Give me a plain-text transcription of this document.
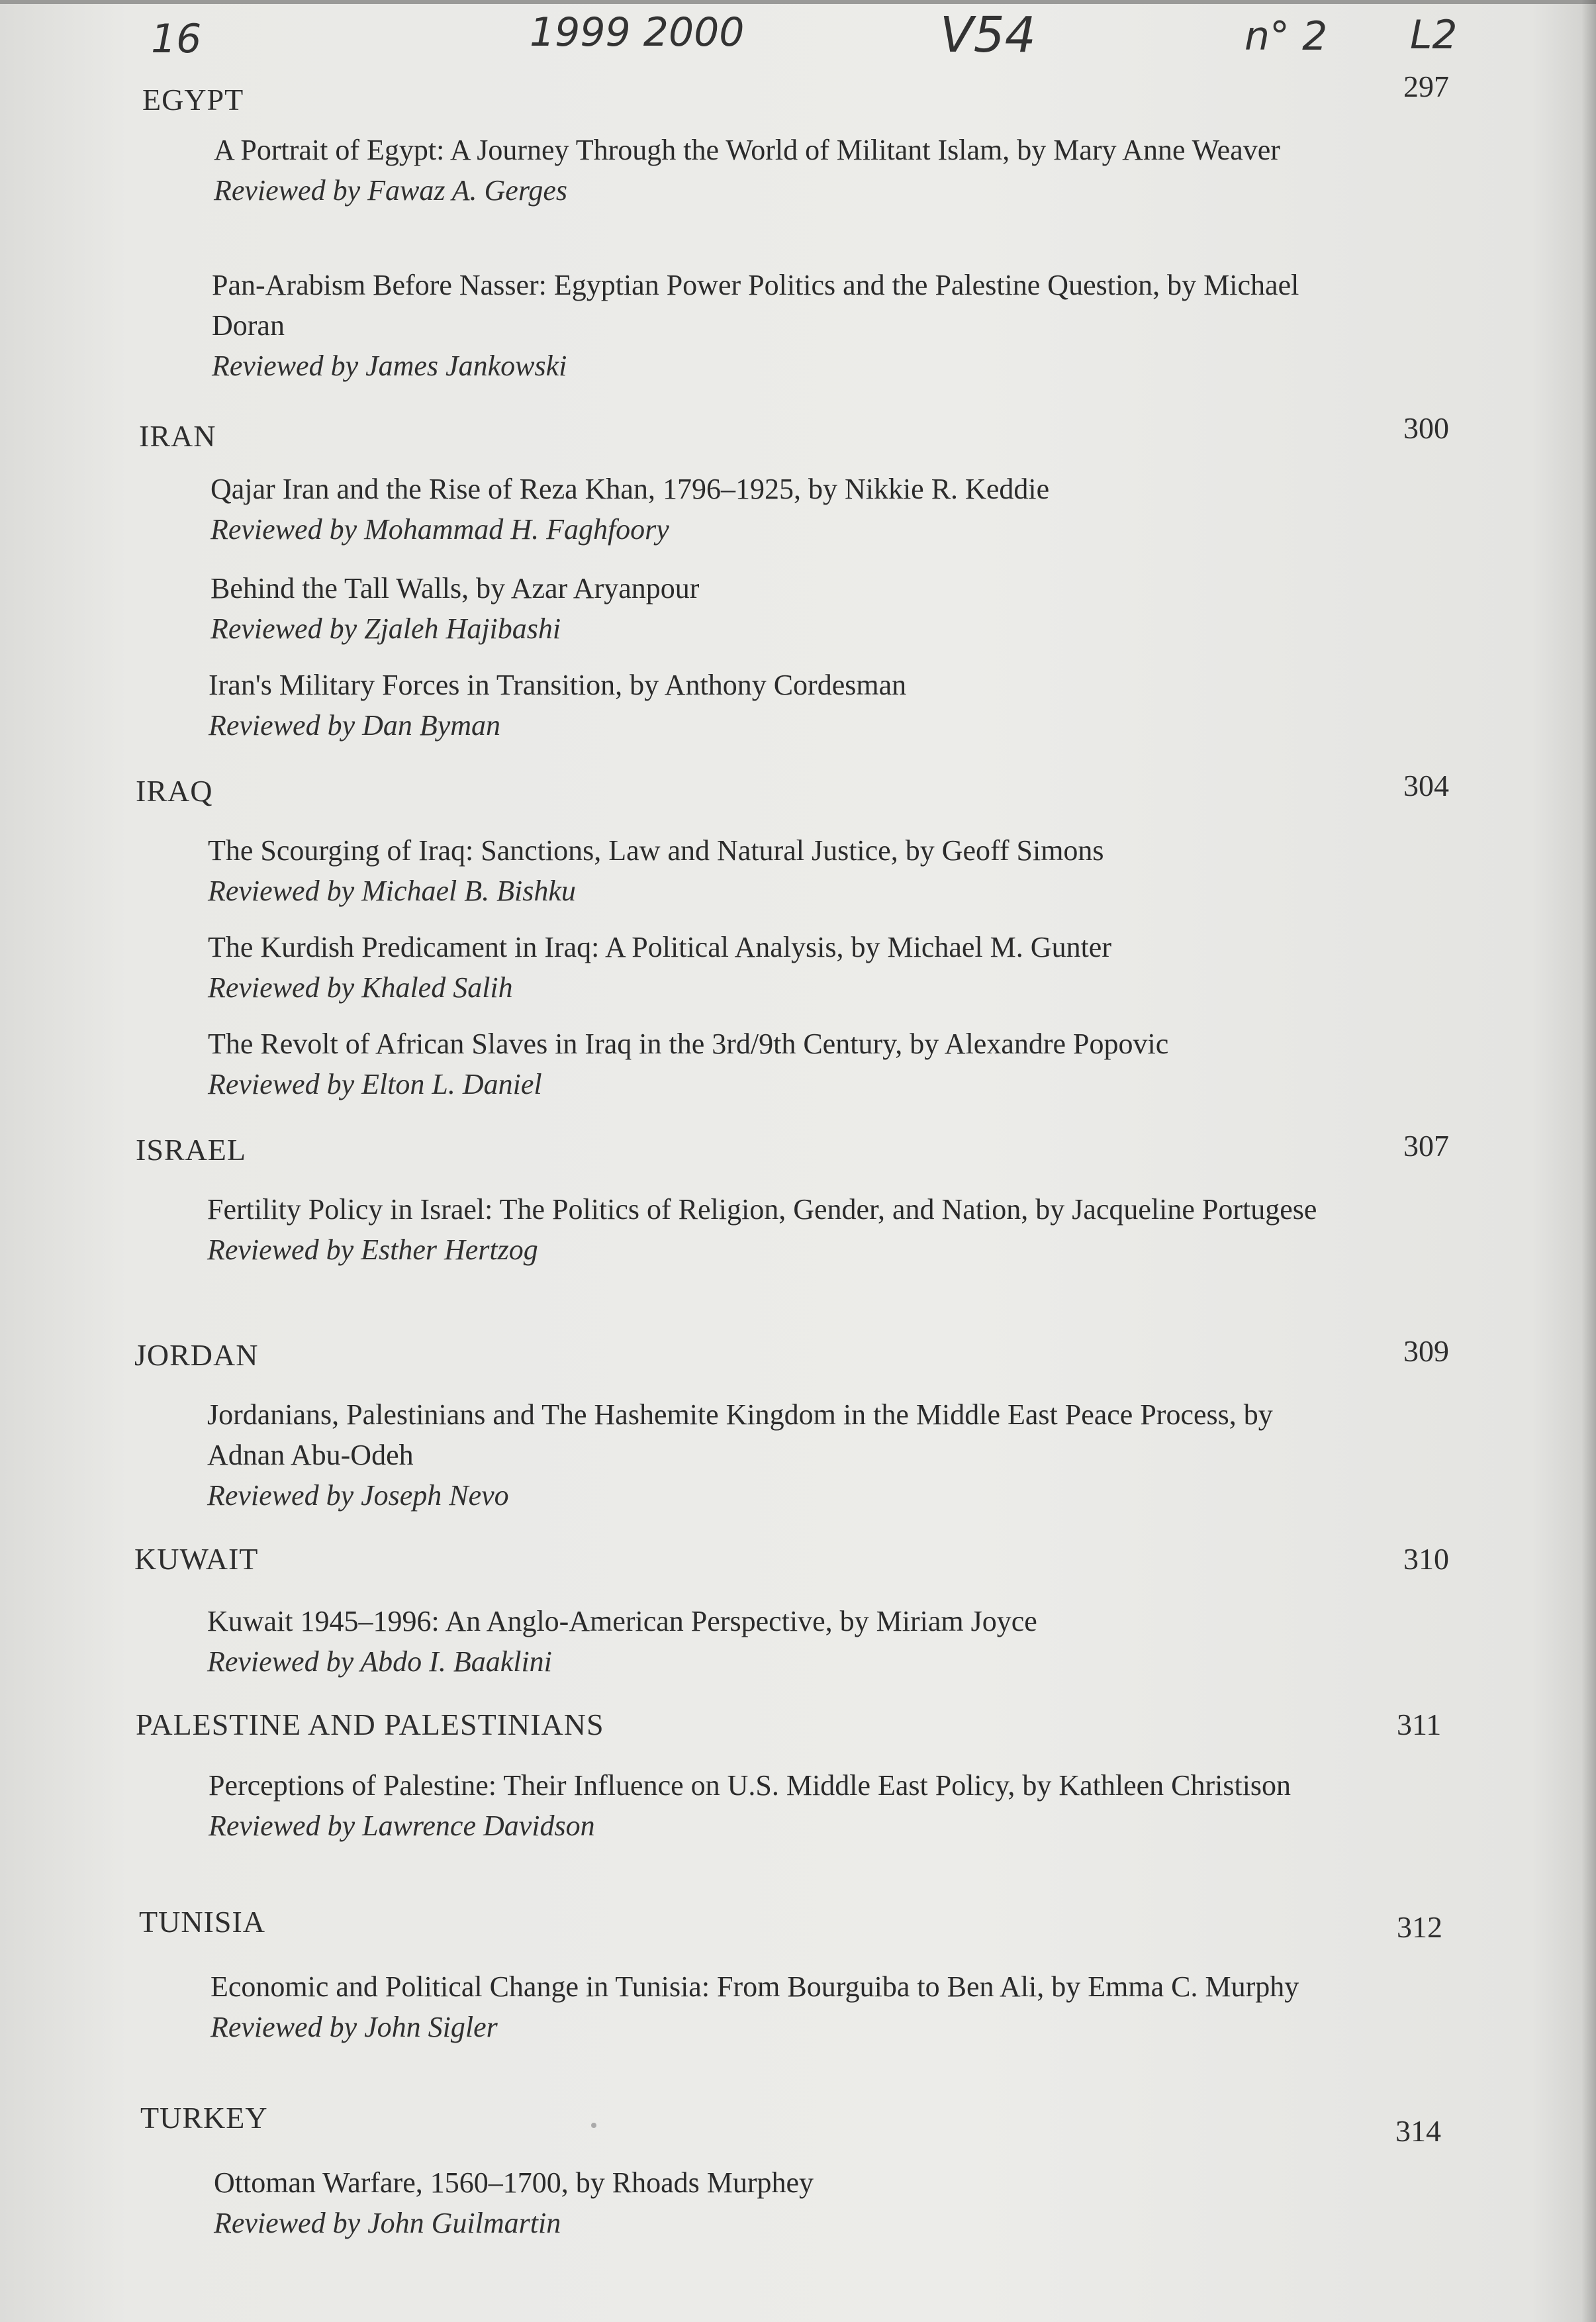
16	1999 2000	V54	n° 2 L2
EGYPT	297
A Portrait of Egypt: A Journey Through the World of Militant Islam, by Mary Anne Weaver
Reviewed by Fawaz A. Gerges
Pan-Arabism Before Nasser: Egyptian Power Politics and the Palestine Question, by Michael Doran
Reviewed by James Jankowski
IRAN	300
Qajar Iran and the Rise of Reza Khan, 1796–1925, by Nikkie R. Keddie
Reviewed by Mohammad H. Faghfoory
Behind the Tall Walls, by Azar Aryanpour
Reviewed by Zjaleh Hajibashi
Iran's Military Forces in Transition, by Anthony Cordesman
Reviewed by Dan Byman
IRAQ	304
The Scourging of Iraq: Sanctions, Law and Natural Justice, by Geoff Simons
Reviewed by Michael B. Bishku
The Kurdish Predicament in Iraq: A Political Analysis, by Michael M. Gunter
Reviewed by Khaled Salih
The Revolt of African Slaves in Iraq in the 3rd/9th Century, by Alexandre Popovic
Reviewed by Elton L. Daniel
ISRAEL	307
Fertility Policy in Israel: The Politics of Religion, Gender, and Nation, by Jacqueline Portugese
Reviewed by Esther Hertzog
JORDAN	309
Jordanians, Palestinians and The Hashemite Kingdom in the Middle East Peace Process, by Adnan Abu-Odeh
Reviewed by Joseph Nevo
KUWAIT	310
Kuwait 1945–1996: An Anglo-American Perspective, by Miriam Joyce
Reviewed by Abdo I. Baaklini
PALESTINE AND PALESTINIANS	311
Perceptions of Palestine: Their Influence on U.S. Middle East Policy, by Kathleen Christison
Reviewed by Lawrence Davidson
TUNISIA	312
Economic and Political Change in Tunisia: From Bourguiba to Ben Ali, by Emma C. Murphy
Reviewed by John Sigler
TURKEY	314
Ottoman Warfare, 1560–1700, by Rhoads Murphey
Reviewed by John Guilmartin
